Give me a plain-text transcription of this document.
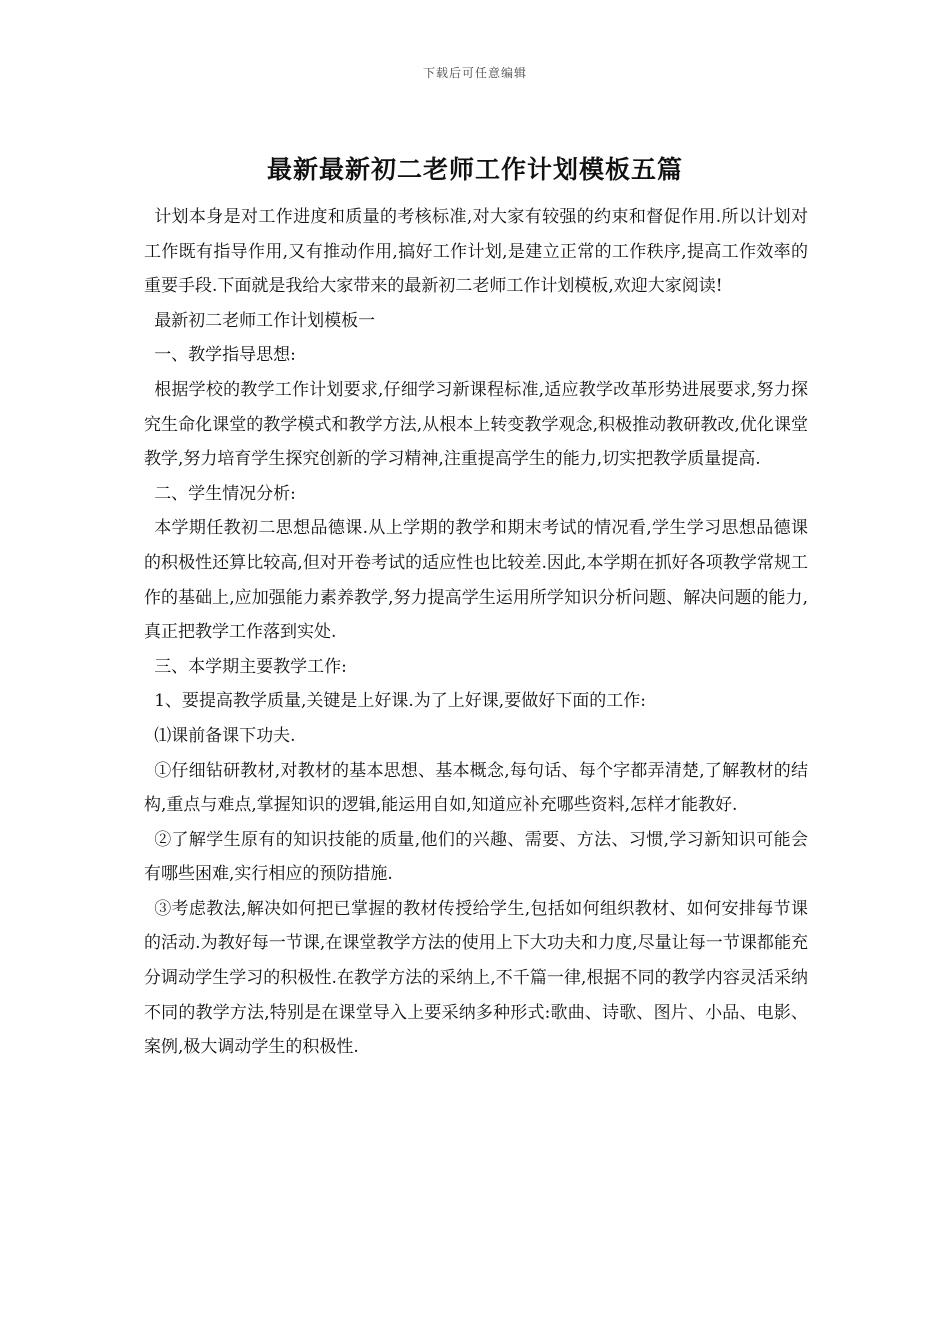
下载后可任意编辑
最新最新初二老师工作计划模板五篇

计划本身是对工作进度和质量的考核标准,对大家有较强的约束和督促作用.所以计划对工作既有指导作用,又有推动作用,搞好工作计划,是建立正常的工作秩序,提高工作效率的重要手段.下面就是我给大家带来的最新初二老师工作计划模板,欢迎大家阅读!

最新初二老师工作计划模板一

一、教学指导思想:

根据学校的教学工作计划要求,仔细学习新课程标准,适应教学改革形势进展要求,努力探究生命化课堂的教学模式和教学方法,从根本上转变教学观念,积极推动教研教改,优化课堂教学,努力培育学生探究创新的学习精神,注重提高学生的能力,切实把教学质量提高.

二、学生情况分析:

本学期任教初二思想品德课.从上学期的教学和期末考试的情况看,学生学习思想品德课的积极性还算比较高,但对开卷考试的适应性也比较差.因此,本学期在抓好各项教学常规工作的基础上,应加强能力素养教学,努力提高学生运用所学知识分析问题、解决问题的能力,真正把教学工作落到实处.

三、本学期主要教学工作:

1、要提高教学质量,关键是上好课.为了上好课,要做好下面的工作:

⑴课前备课下功夫.

①仔细钻研教材,对教材的基本思想、基本概念,每句话、每个字都弄清楚,了解教材的结构,重点与难点,掌握知识的逻辑,能运用自如,知道应补充哪些资料,怎样才能教好.

②了解学生原有的知识技能的质量,他们的兴趣、需要、方法、习惯,学习新知识可能会有哪些困难,实行相应的预防措施.

③考虑教法,解决如何把已掌握的教材传授给学生,包括如何组织教材、如何安排每节课的活动.为教好每一节课,在课堂教学方法的使用上下大功夫和力度,尽量让每一节课都能充分调动学生学习的积极性.在教学方法的采纳上,不千篇一律,根据不同的教学内容灵活采纳不同的教学方法,特别是在课堂导入上要采纳多种形式:歌曲、诗歌、图片、小品、电影、案例,极大调动学生的积极性.
